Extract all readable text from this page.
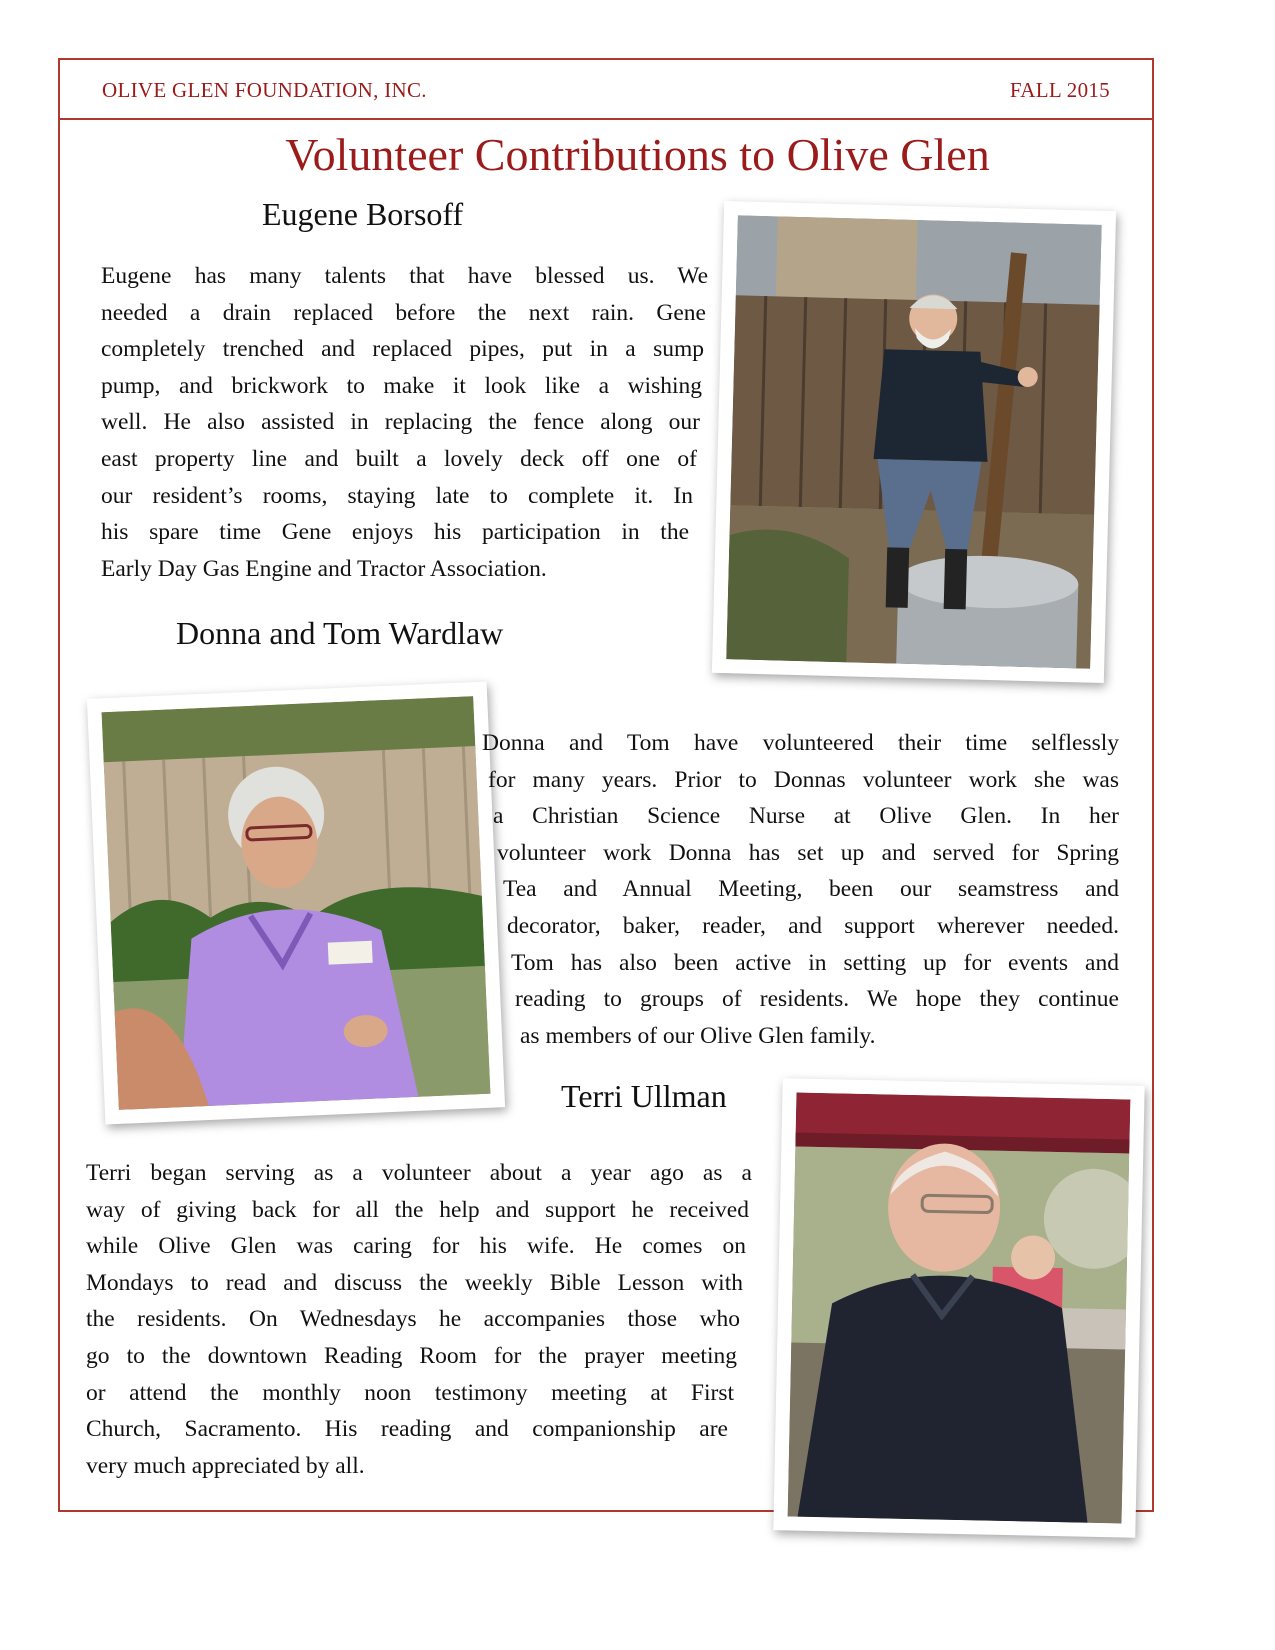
OLIVE GLEN FOUNDATION, INC.	FALL 2015
Volunteer Contributions to Olive Glen
Eugene Borsoff
Eugene has many talents that have blessed us. We
needed a drain replaced before the next rain. Gene
completely trenched and replaced pipes, put in a sump
pump, and brickwork to make it look like a wishing
well. He also assisted in replacing the fence along our
east property line and built a lovely deck off one of
our resident’s rooms, staying late to complete it. In
his spare time Gene enjoys his participation in the
Early Day Gas Engine and Tractor Association.
Donna and Tom Wardlaw
Donna and Tom have volunteered their time selflessly
for many years. Prior to Donnas volunteer work she was
a Christian Science Nurse at Olive Glen. In her
volunteer work Donna has set up and served for Spring
Tea and Annual Meeting, been our seamstress and
decorator, baker, reader, and support wherever needed.
Tom has also been active in setting up for events and
reading to groups of residents. We hope they continue
as members of our Olive Glen family.
Terri Ullman
Terri began serving as a volunteer about a year ago as a
way of giving back for all the help and support he received
while Olive Glen was caring for his wife. He comes on
Mondays to read and discuss the weekly Bible Lesson with
the residents. On Wednesdays he accompanies those who
go to the downtown Reading Room for the prayer meeting
or attend the monthly noon testimony meeting at First
Church, Sacramento. His reading and companionship are
very much appreciated by all.
